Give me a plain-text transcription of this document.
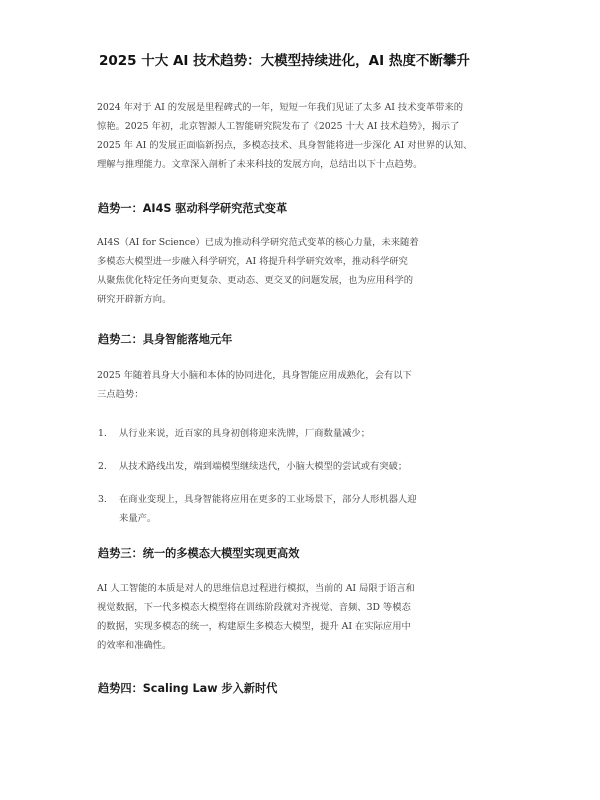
2025 十大 AI 技术趋势：大模型持续进化，AI 热度不断攀升
2024 年对于 AI 的发展是里程碑式的一年，短短一年我们见证了太多 AI 技术变革带来的
惊艳。2025 年初，北京智源人工智能研究院发布了《2025 十大 AI 技术趋势》，揭示了
2025 年 AI 的发展正面临新拐点，多模态技术、具身智能将进一步深化 AI 对世界的认知、
理解与推理能力。文章深入剖析了未来科技的发展方向，总结出以下十点趋势。
趋势一：AI4S 驱动科学研究范式变革
AI4S（AI for Science）已成为推动科学研究范式变革的核心力量，未来随着
多模态大模型进一步融入科学研究，AI 将提升科学研究效率，推动科学研究
从聚焦优化特定任务向更复杂、更动态、更交叉的问题发展，也为应用科学的
研究开辟新方向。
趋势二：具身智能落地元年
2025 年随着具身大小脑和本体的协同进化，具身智能应用成熟化，会有以下
三点趋势：
1. 从行业来说，近百家的具身初创将迎来洗牌，厂商数量减少；
2. 从技术路线出发，端到端模型继续迭代，小脑大模型的尝试或有突破；
3. 在商业变现上，具身智能将应用在更多的工业场景下，部分人形机器人迎
来量产。
趋势三：统一的多模态大模型实现更高效
AI 人工智能的本质是对人的思维信息过程进行模拟，当前的 AI 局限于语言和
视觉数据，下一代多模态大模型将在训练阶段就对齐视觉、音频、3D 等模态
的数据，实现多模态的统一，构建原生多模态大模型，提升 AI 在实际应用中
的效率和准确性。
趋势四：Scaling Law 步入新时代
